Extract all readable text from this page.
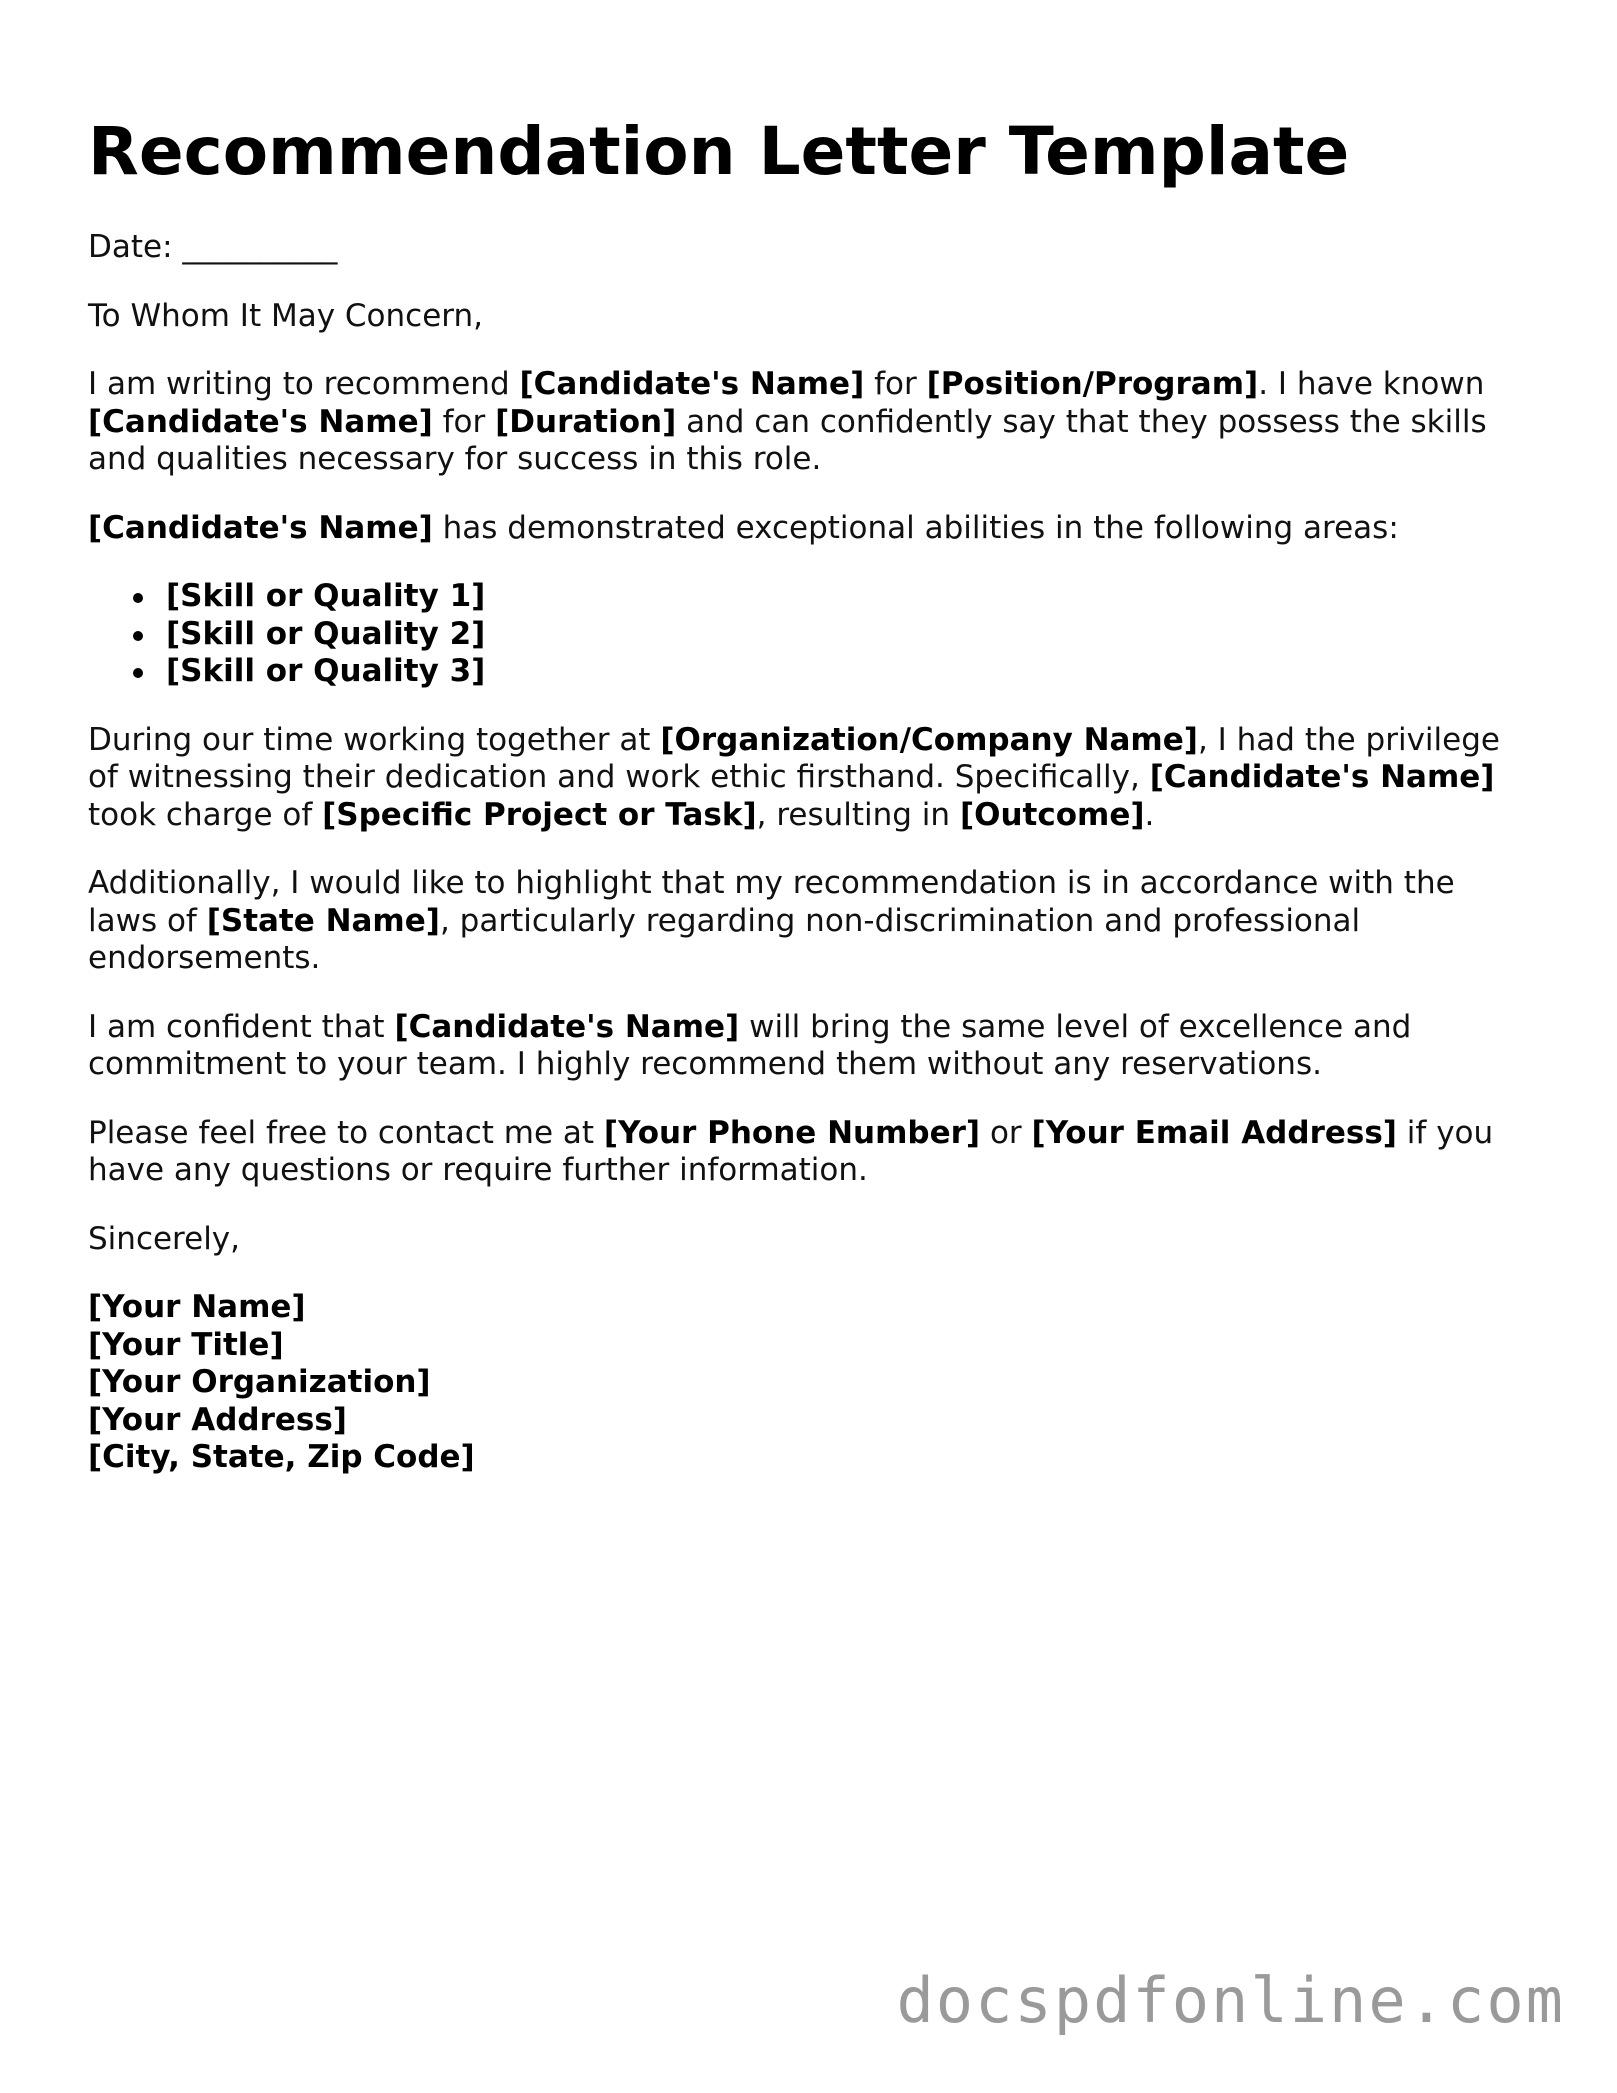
Recommendation Letter Template

Date: __________

To Whom It May Concern,

I am writing to recommend [Candidate's Name] for [Position/Program]. I have known [Candidate's Name] for [Duration] and can confidently say that they possess the skills and qualities necessary for success in this role.

[Candidate's Name] has demonstrated exceptional abilities in the following areas:

[Skill or Quality 1]
[Skill or Quality 2]
[Skill or Quality 3]

During our time working together at [Organization/Company Name], I had the privilege of witnessing their dedication and work ethic firsthand. Specifically, [Candidate's Name] took charge of [Specific Project or Task], resulting in [Outcome].

Additionally, I would like to highlight that my recommendation is in accordance with the laws of [State Name], particularly regarding non-discrimination and professional endorsements.

I am confident that [Candidate's Name] will bring the same level of excellence and commitment to your team. I highly recommend them without any reservations.

Please feel free to contact me at [Your Phone Number] or [Your Email Address] if you have any questions or require further information.

Sincerely,

[Your Name]
[Your Title]
[Your Organization]
[Your Address]
[City, State, Zip Code]
docspdfonline.com
